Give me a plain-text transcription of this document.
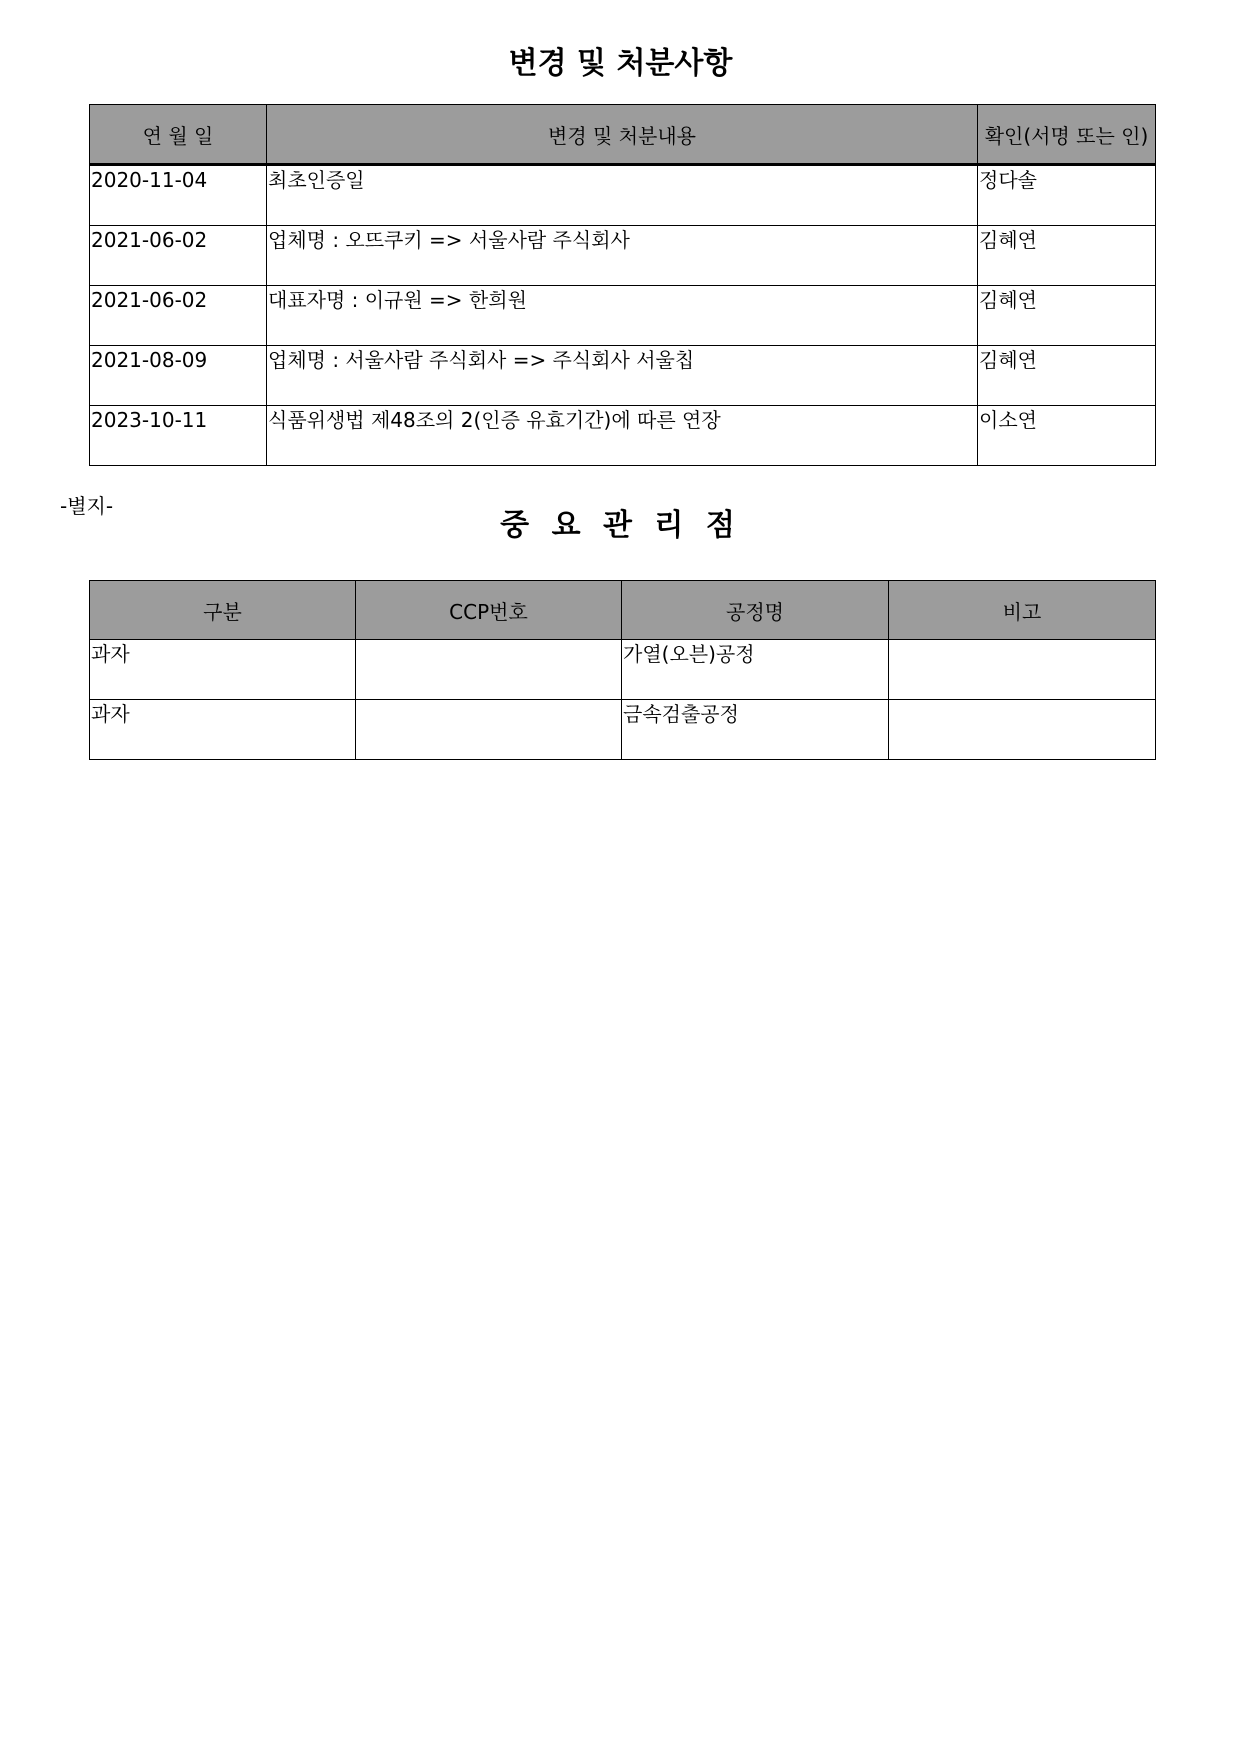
변경 및 처분사항
연 월 일	변경 및 처분내용	확인(서명 또는 인)
2020-11-04	최초인증일	정다솔
2021-06-02	업체명 : 오뜨쿠키 => 서울사람 주식회사	김혜연
2021-06-02	대표자명 : 이규원 => 한희원	김혜연
2021-08-09	업체명 : 서울사람 주식회사 => 주식회사 서울칩	김혜연
2023-10-11	식품위생법 제48조의 2(인증 유효기간)에 따른 연장	이소연
-별지-
중 요 관 리 점
구분	CCP번호	공정명	비고
과자		가열(오븐)공정	
과자		금속검출공정	
